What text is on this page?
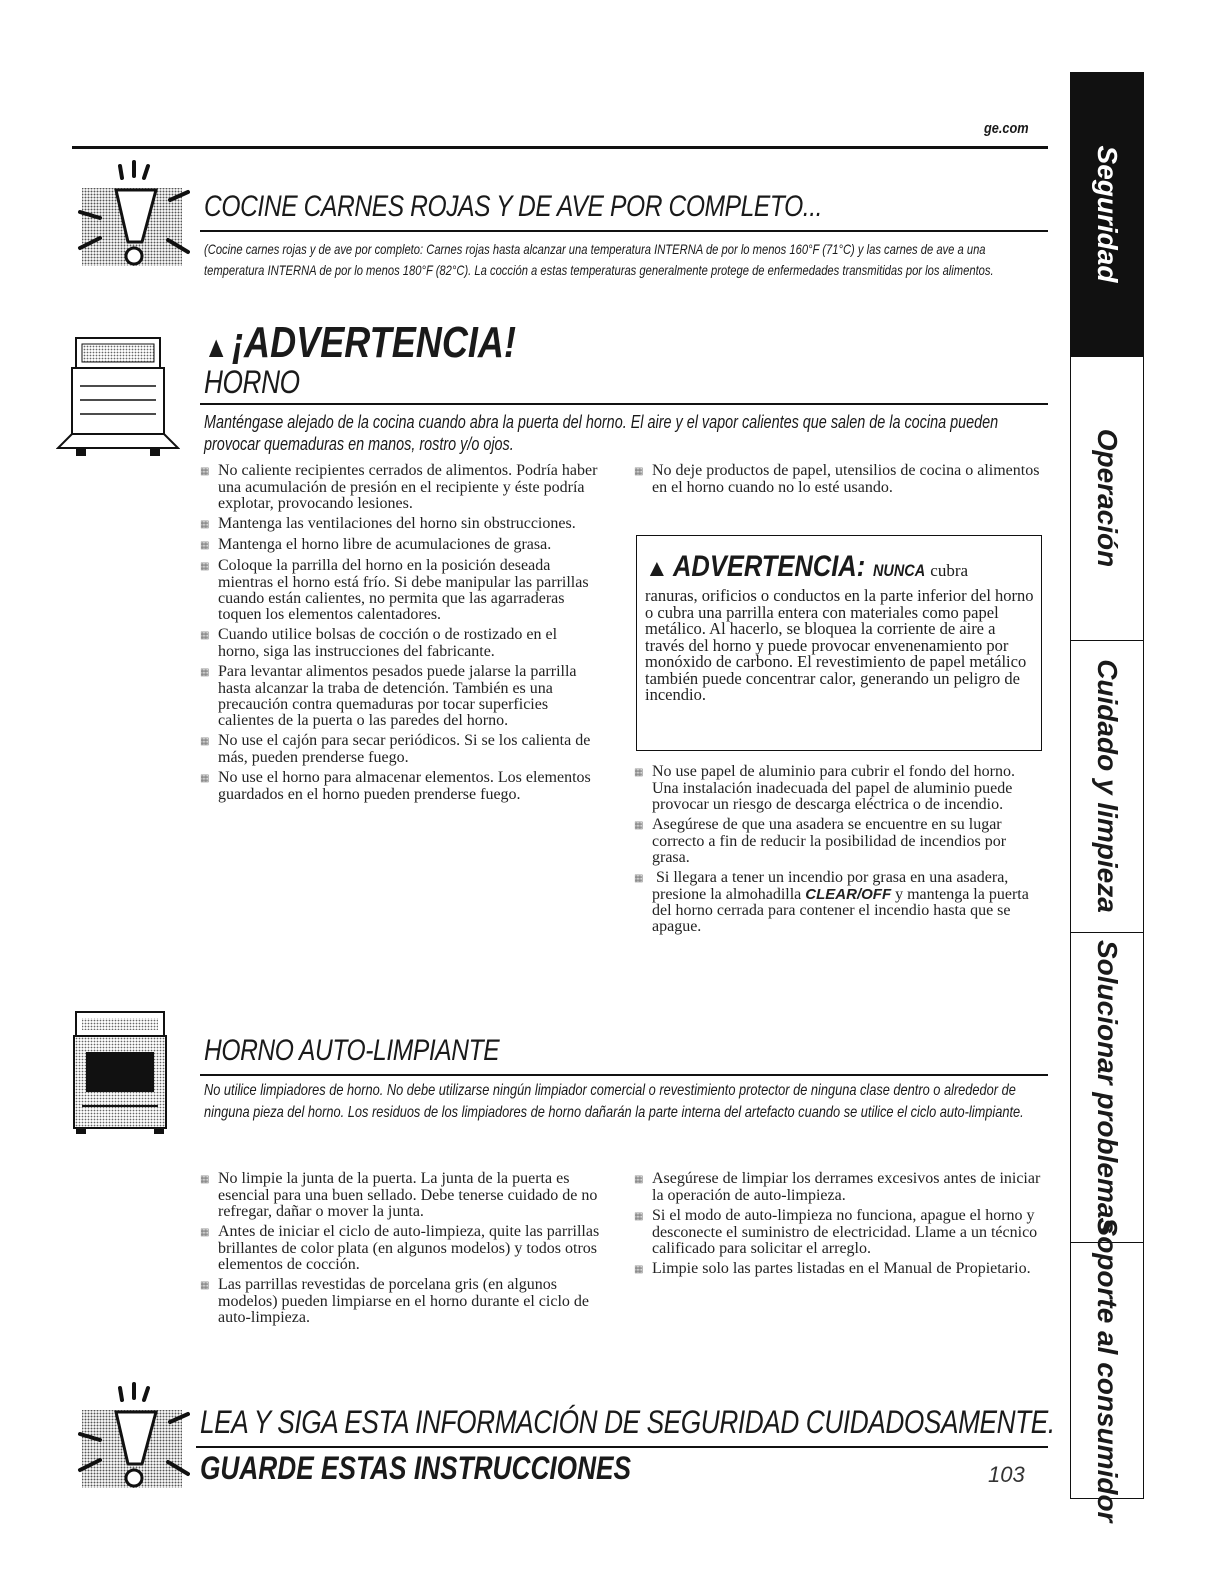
ge.com
Seguridad
Operación
Cuidado y limpieza
Solucionar problemas
Soporte al consumidor
COCINE CARNES ROJAS Y DE AVE POR COMPLETO...
(Cocine carnes rojas y de ave por completo: Carnes rojas hasta alcanzar una temperatura INTERNA de por lo menos 160°F (71°C) y las carnes de ave a una temperatura INTERNA de por lo menos 180°F (82°C). La cocción a estas temperaturas generalmente protege de enfermedades transmitidas por los alimentos.
▲ ¡ADVERTENCIA!
HORNO
Manténgase alejado de la cocina cuando abra la puerta del horno. El aire y el vapor calientes que salen de la cocina pueden provocar quemaduras en manos, rostro y/o ojos.

▦ No caliente recipientes cerrados de alimentos. Podría haber una acumulación de presión en el recipiente y éste podría explotar, provocando lesiones.

▦ Mantenga las ventilaciones del horno sin obstrucciones.

▦ Mantenga el horno libre de acumulaciones de grasa.

▦ Coloque la parrilla del horno en la posición deseada mientras el horno está frío. Si debe manipular las parrillas cuando están calientes, no permita que las agarraderas toquen los elementos calentadores.

▦ Cuando utilice bolsas de cocción o de rostizado en el horno, siga las instrucciones del fabricante.

▦ Para levantar alimentos pesados puede jalarse la parrilla hasta alcanzar la traba de detención. También es una precaución contra quemaduras por tocar superficies calientes de la puerta o las paredes del horno.

▦ No use el cajón para secar periódicos. Si se los calienta de más, pueden prenderse fuego.

▦ No use el horno para almacenar elementos. Los elementos guardados en el horno pueden prenderse fuego.

▦ No deje productos de papel, utensilios de cocina o alimentos en el horno cuando no lo esté usando.

▲ ADVERTENCIA: NUNCA cubra
ranuras, orificios o conductos en la parte inferior del horno o cubra una parrilla entera con materiales como papel metálico. Al hacerlo, se bloquea la corriente de aire a través del horno y puede provocar envenenamiento por monóxido de carbono. El revestimiento de papel metálico también puede concentrar calor, generando un peligro de incendio.

▦ No use papel de aluminio para cubrir el fondo del horno. Una instalación inadecuada del papel de aluminio puede provocar un riesgo de descarga eléctrica o de incendio.

▦ Asegúrese de que una asadera se encuentre en su lugar correcto a fin de reducir la posibilidad de incendios por grasa.

▦ Si llegara a tener un incendio por grasa en una asadera, presione la almohadilla CLEAR/OFF y mantenga la puerta del horno cerrada para contener el incendio hasta que se apague.

HORNO AUTO-LIMPIANTE
No utilice limpiadores de horno. No debe utilizarse ningún limpiador comercial o revestimiento protector de ninguna clase dentro o alrededor de ninguna pieza del horno. Los residuos de los limpiadores de horno dañarán la parte interna del artefacto cuando se utilice el ciclo auto-limpiante.

▦ No limpie la junta de la puerta. La junta de la puerta es esencial para una buen sellado. Debe tenerse cuidado de no refregar, dañar o mover la junta.

▦ Antes de iniciar el ciclo de auto-limpieza, quite las parrillas brillantes de color plata (en algunos modelos) y todos otros elementos de cocción.

▦ Las parrillas revestidas de porcelana gris (en algunos modelos) pueden limpiarse en el horno durante el ciclo de auto-limpieza.

▦ Asegúrese de limpiar los derrames excesivos antes de iniciar la operación de auto-limpieza.

▦ Si el modo de auto-limpieza no funciona, apague el horno y desconecte el suministro de electricidad. Llame a un técnico calificado para solicitar el arreglo.

▦ Limpie solo las partes listadas en el Manual de Propietario.

LEA Y SIGA ESTA INFORMACIÓN DE SEGURIDAD CUIDADOSAMENTE.
GUARDE ESTAS INSTRUCCIONES	103
